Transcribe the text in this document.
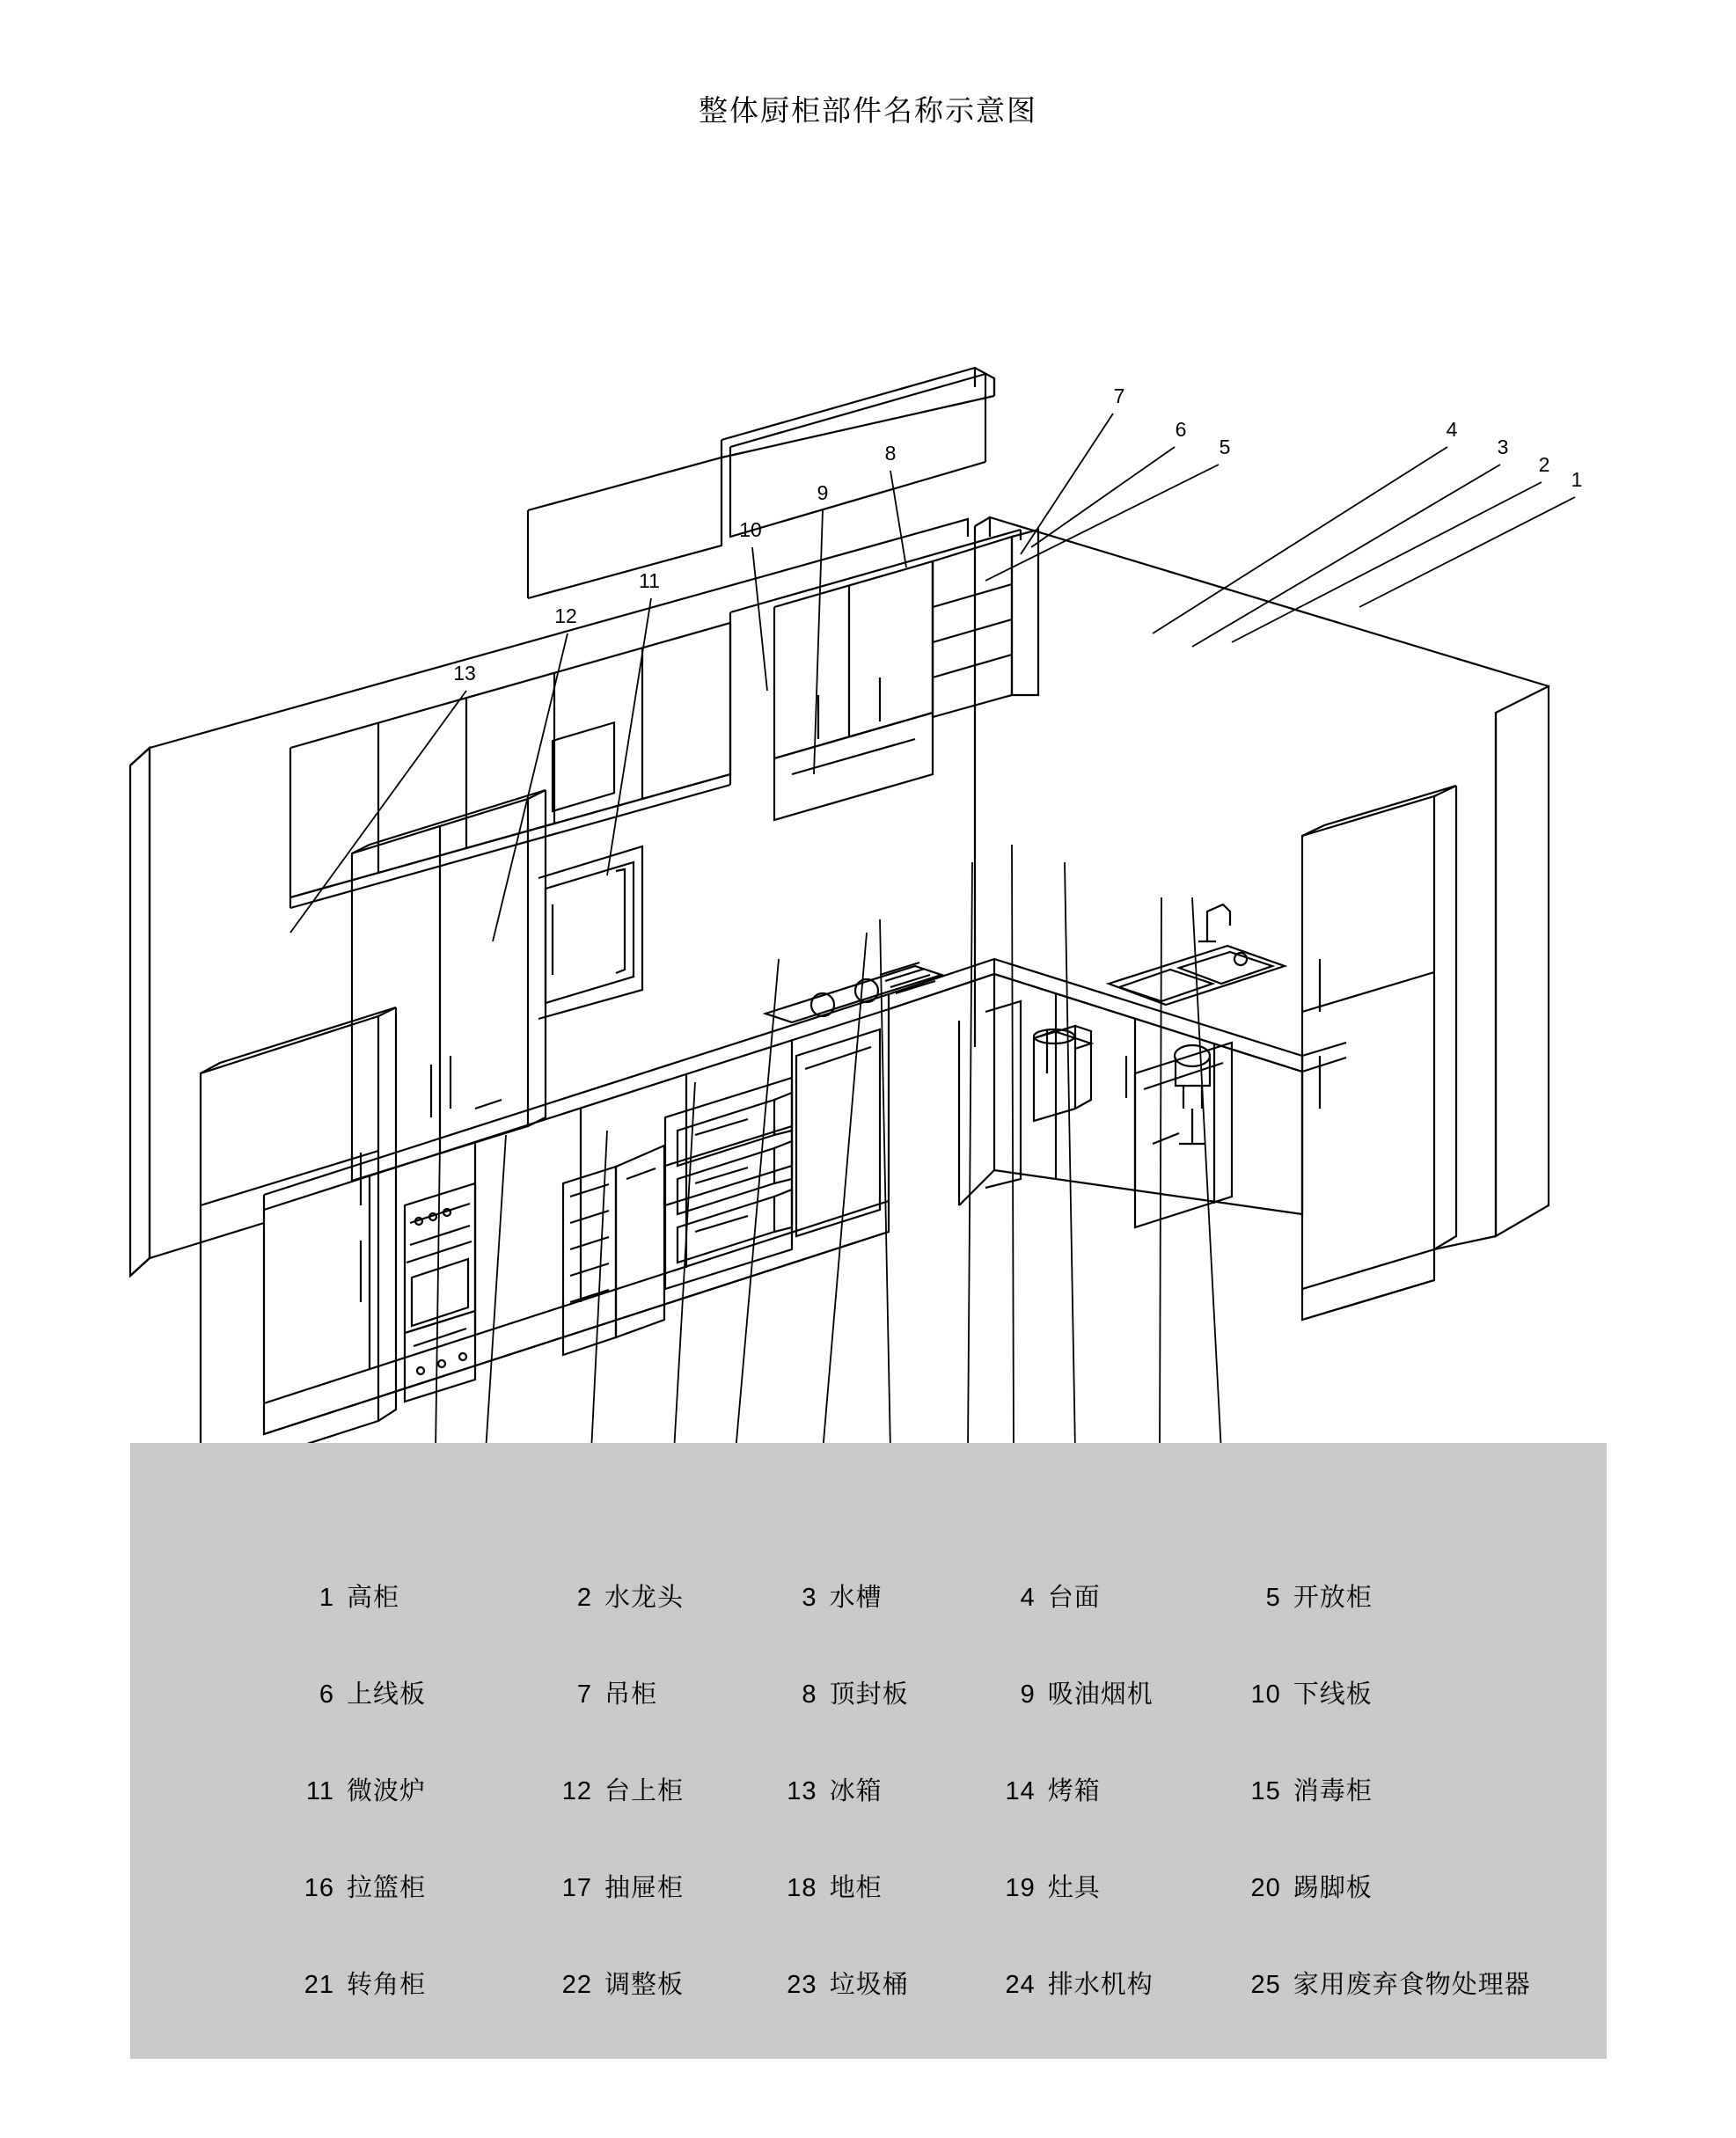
整体厨柜部件名称示意图
7
6
5
8
9
10
11
12
13
4
3
2
1
1 高柜	2 水龙头	3 水槽	4 台面	5 开放柜

6 上线板	7 吊柜	8 顶封板	9 吸油烟机	10 下线板

11 微波炉	12 台上柜	13 冰箱	14 烤箱	15 消毒柜

16 拉篮柜	17 抽屉柜	18 地柜	19 灶具	20 踢脚板

21 转角柜	22 调整板	23 垃圾桶	24 排水机构	25 家用废弃食物处理器
